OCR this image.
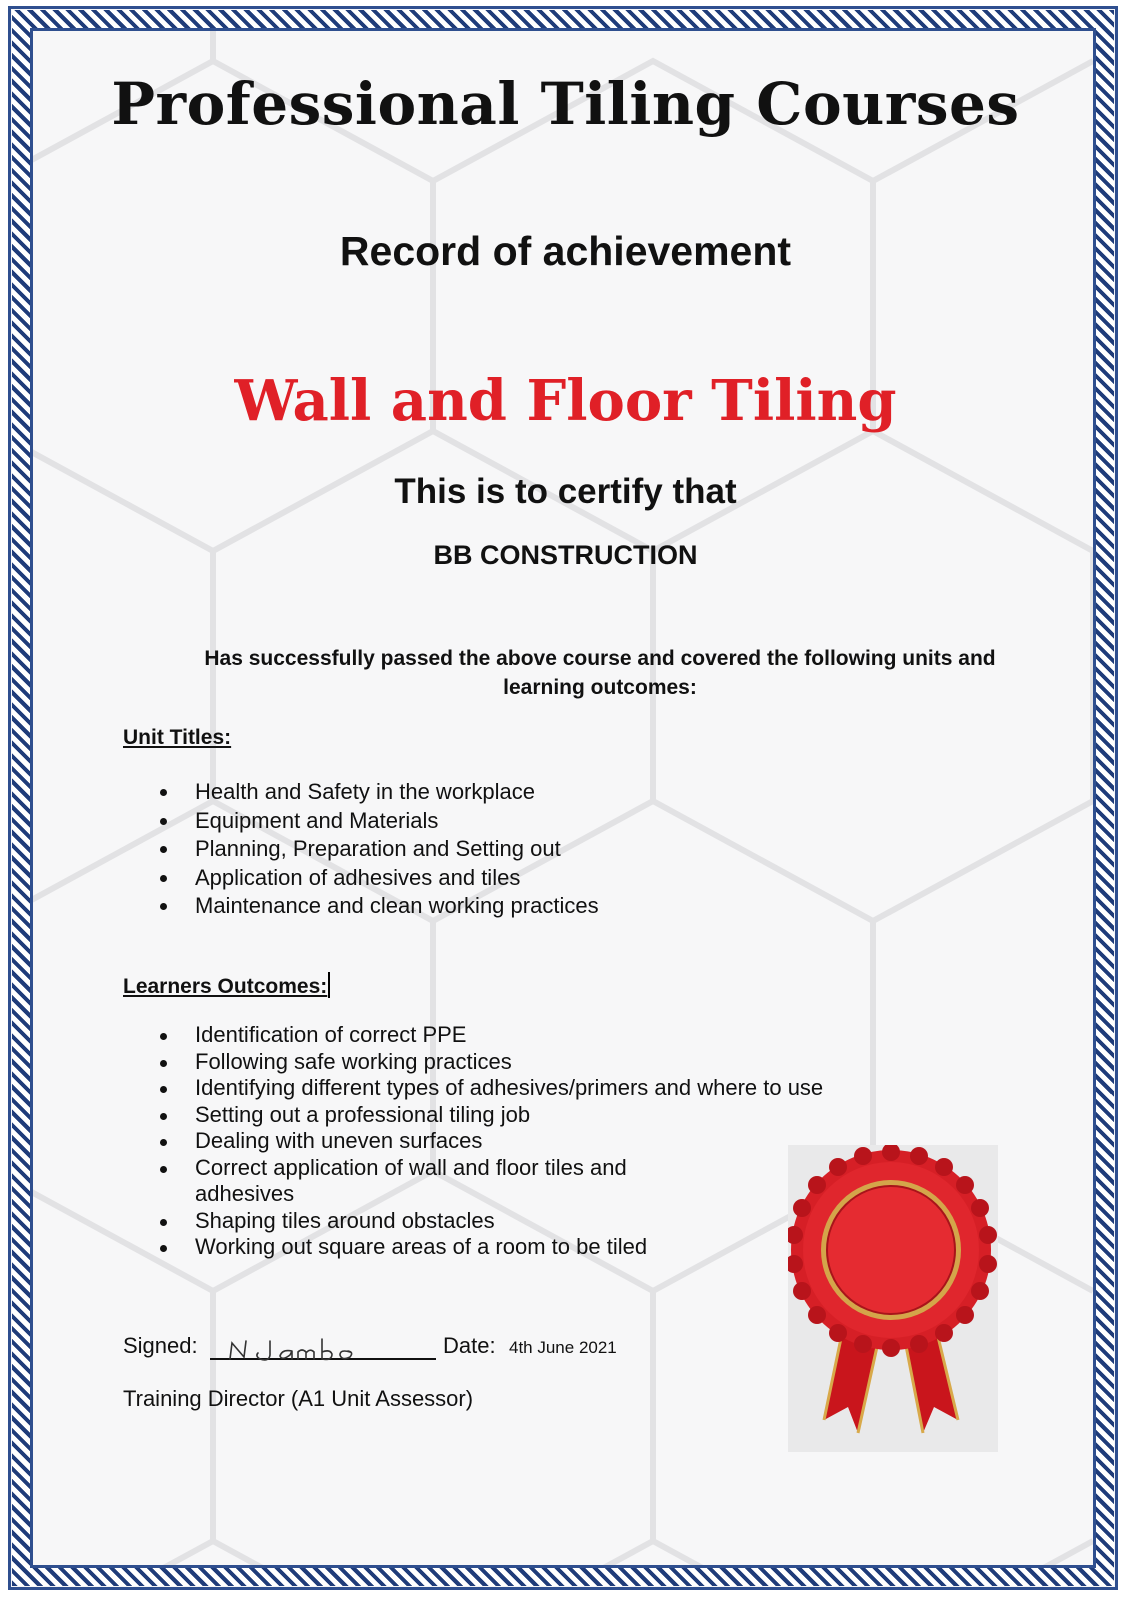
Professional Tiling Courses
Record of achievement
Wall and Floor Tiling
This is to certify that
BB CONSTRUCTION
Has successfully passed the above course and covered the following units and learning outcomes:
Unit Titles:
Health and Safety in the workplace
Equipment and Materials
Planning, Preparation and Setting out
Application of adhesives and tiles
Maintenance and clean working practices
Learners Outcomes:
Identification of correct PPE
Following safe working practices
Identifying different types of adhesives/primers and where to use
Setting out a professional tiling job
Dealing with uneven surfaces
Correct application of wall and floor tiles and adhesives
Shaping tiles around obstacles
Working out square areas of a room to be tiled
Signed:	Date: 4th June 2021
Training Director (A1 Unit Assessor)
